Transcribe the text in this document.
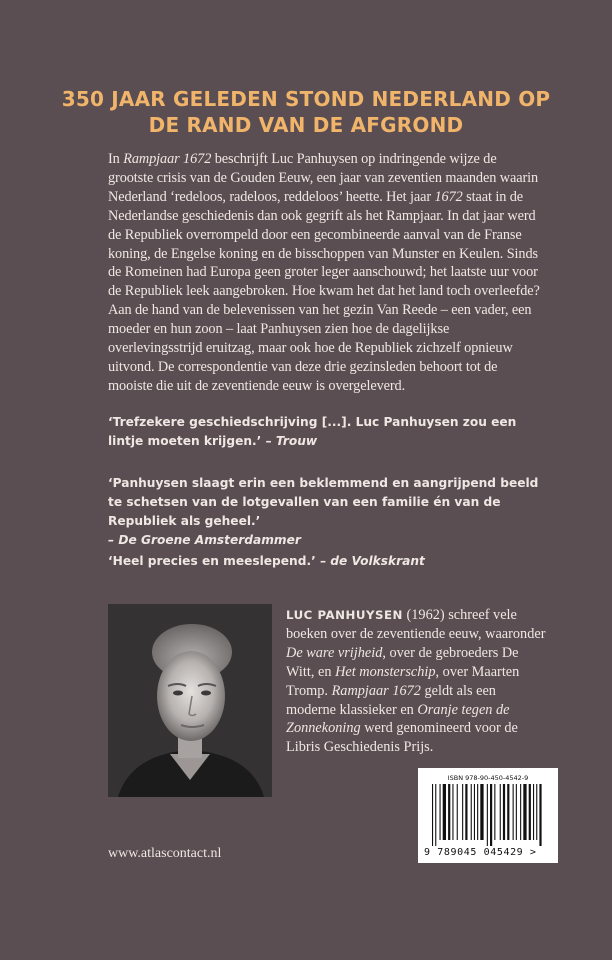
350 JAAR GELEDEN STOND NEDERLAND OP
DE RAND VAN DE AFGROND

In Rampjaar 1672 beschrijft Luc Panhuysen op indringende wijze de grootste crisis van de Gouden Eeuw, een jaar van zeventien maanden waarin Nederland ‘redeloos, radeloos, reddeloos’ heette. Het jaar 1672 staat in de Nederlandse geschiedenis dan ook gegrift als het Rampjaar. In dat jaar werd de Republiek overrompeld door een gecombineerde aanval van de Franse koning, de Engelse koning en de bisschoppen van Munster en Keulen. Sinds de Romeinen had Europa geen groter leger aanschouwd; het laatste uur voor de Republiek leek aangebroken. Hoe kwam het dat het land toch overleefde? Aan de hand van de belevenissen van het gezin Van Reede – een vader, een moeder en hun zoon – laat Panhuysen zien hoe de dagelijkse overlevingsstrijd eruitzag, maar ook hoe de Republiek zichzelf opnieuw uitvond. De correspondentie van deze drie gezinsleden behoort tot de mooiste die uit de zeventiende eeuw is overgeleverd.

‘Trefzekere geschiedschrijving [...]. Luc Panhuysen zou een lintje moeten krijgen.’ – Trouw

‘Panhuysen slaagt erin een beklemmend en aangrijpend beeld te schetsen van de lotgevallen van een familie én van de Republiek als geheel.’
– De Groene Amsterdammer

‘Heel precies en meeslepend.’ – de Volkskrant

LUC PANHUYSEN (1962) schreef vele boeken over de zeventiende eeuw, waaronder De ware vrijheid, over de gebroeders De Witt, en Het monsterschip, over Maarten Tromp. Rampjaar 1672 geldt als een moderne klassieker en Oranje tegen de Zonnekoning werd genomineerd voor de Libris Geschiedenis Prijs.

ISBN 978-90-450-4542-9
9 789045 045429 >

www.atlascontact.nl
